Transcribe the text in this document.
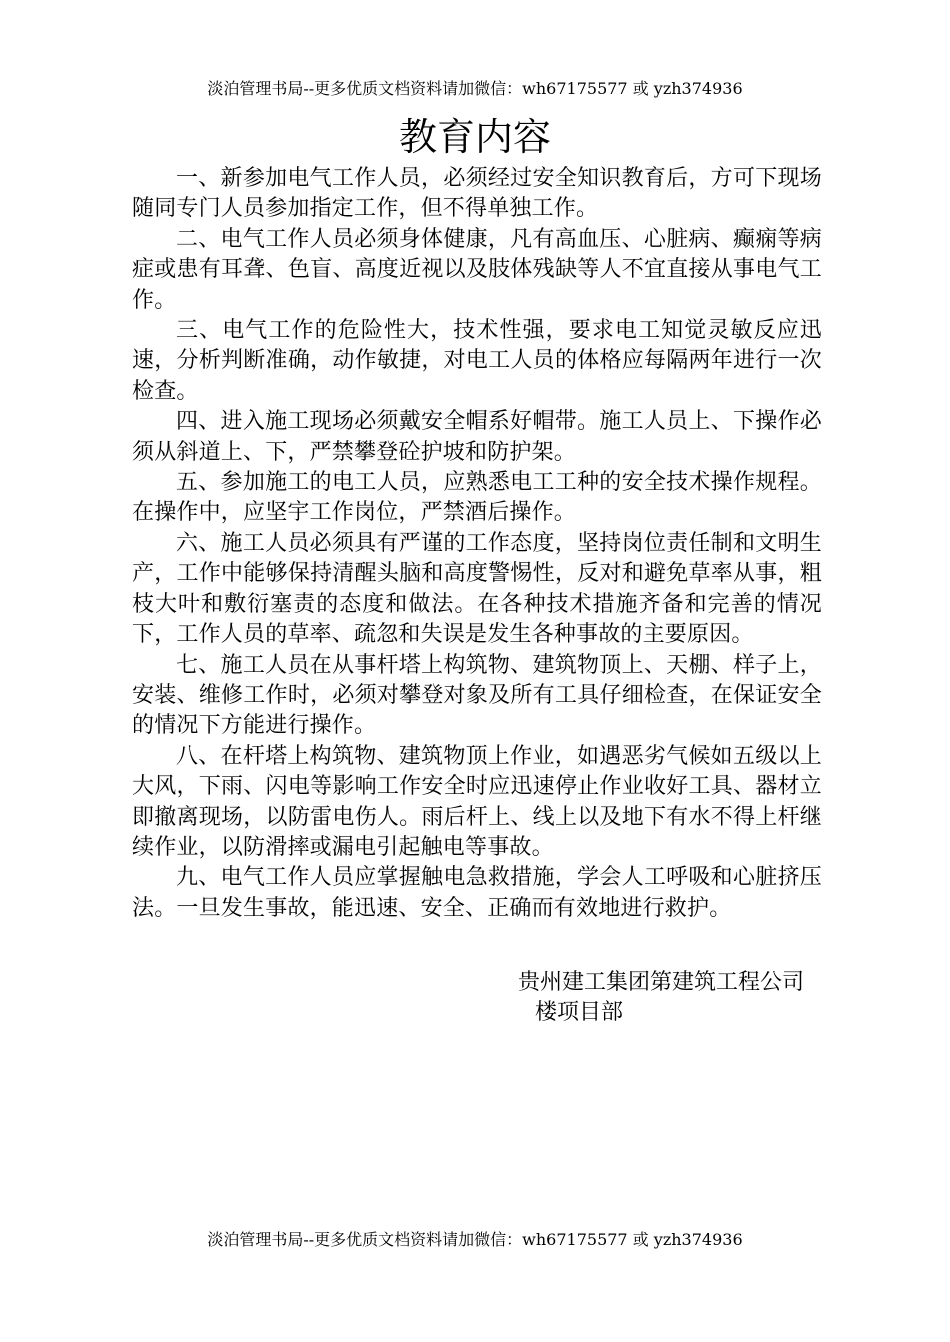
淡泊管理书局--更多优质文档资料请加微信：wh67175577 或 yzh374936
教育内容

一、新参加电气工作人员，必须经过安全知识教育后，方可下现场随同专门人员参加指定工作，但不得单独工作。

二、电气工作人员必须身体健康，凡有高血压、心脏病、癫痫等病症或患有耳聋、色盲、高度近视以及肢体残缺等人不宜直接从事电气工作。

三、电气工作的危险性大，技术性强，要求电工知觉灵敏反应迅速，分析判断准确，动作敏捷，对电工人员的体格应每隔两年进行一次检查。

四、进入施工现场必须戴安全帽系好帽带。施工人员上、下操作必须从斜道上、下，严禁攀登砼护坡和防护架。

五、参加施工的电工人员，应熟悉电工工种的安全技术操作规程。在操作中，应坚宇工作岗位，严禁酒后操作。

六、施工人员必须具有严谨的工作态度，坚持岗位责任制和文明生产，工作中能够保持清醒头脑和高度警惕性，反对和避免草率从事，粗枝大叶和敷衍塞责的态度和做法。在各种技术措施齐备和完善的情况下，工作人员的草率、疏忽和失误是发生各种事故的主要原因。

七、施工人员在从事杆塔上构筑物、建筑物顶上、天棚、样子上，安装、维修工作时，必须对攀登对象及所有工具仔细检查，在保证安全的情况下方能进行操作。

八、在杆塔上构筑物、建筑物顶上作业，如遇恶劣气候如五级以上大风，下雨、闪电等影响工作安全时应迅速停止作业收好工具、器材立即撤离现场，以防雷电伤人。雨后杆上、线上以及地下有水不得上杆继续作业，以防滑摔或漏电引起触电等事故。

九、电气工作人员应掌握触电急救措施，学会人工呼吸和心脏挤压法。一旦发生事故，能迅速、安全、正确而有效地进行救护。

贵州建工集团第建筑工程公司
楼项目部
淡泊管理书局--更多优质文档资料请加微信：wh67175577 或 yzh374936
